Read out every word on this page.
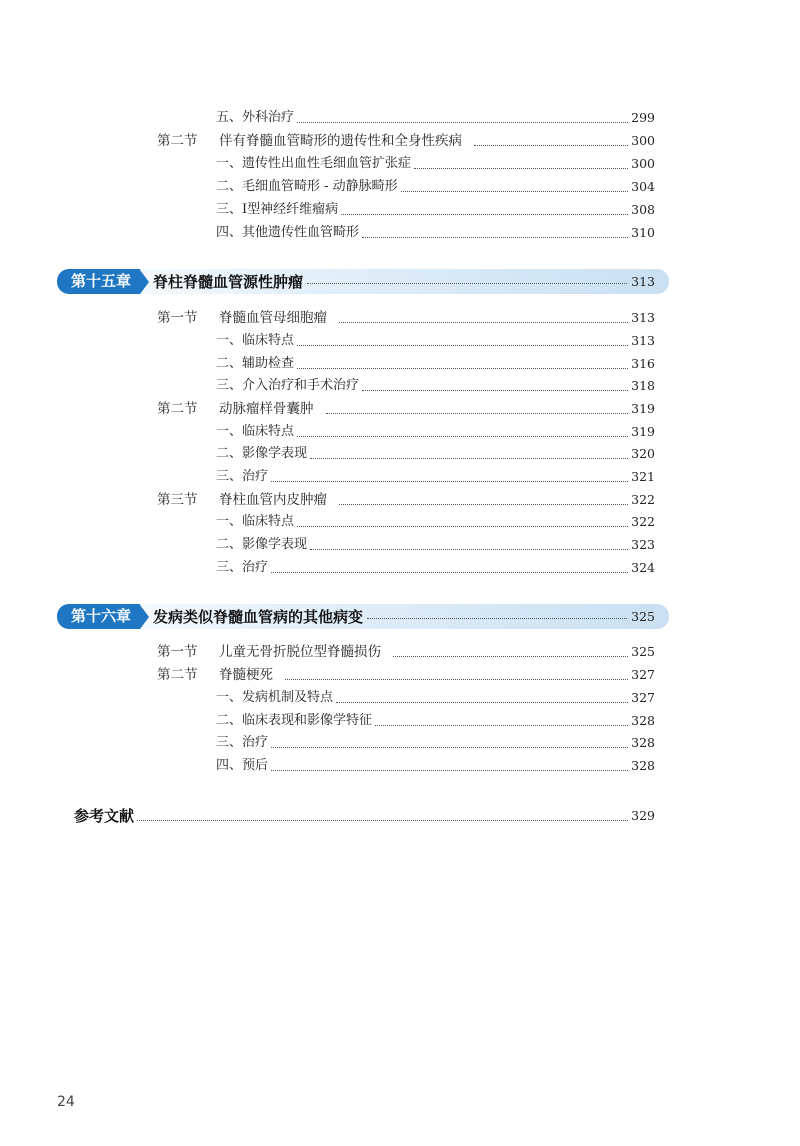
五、外科治疗	299
第二节	伴有脊髓血管畸形的遗传性和全身性疾病	300
一、遗传性出血性毛细血管扩张症	300
二、毛细血管畸形 - 动静脉畸形	304
三、Ⅰ型神经纤维瘤病	308
四、其他遗传性血管畸形	310
第十五章	脊柱脊髓血管源性肿瘤	313
第一节	脊髓血管母细胞瘤	313
一、临床特点	313
二、辅助检查	316
三、介入治疗和手术治疗	318
第二节	动脉瘤样骨囊肿	319
一、临床特点	319
二、影像学表现	320
三、治疗	321
第三节	脊柱血管内皮肿瘤	322
一、临床特点	322
二、影像学表现	323
三、治疗	324
第十六章	发病类似脊髓血管病的其他病变	325
第一节	儿童无骨折脱位型脊髓损伤	325
第二节	脊髓梗死	327
一、发病机制及特点	327
二、临床表现和影像学特征	328
三、治疗	328
四、预后	328
参考文献	329
24
